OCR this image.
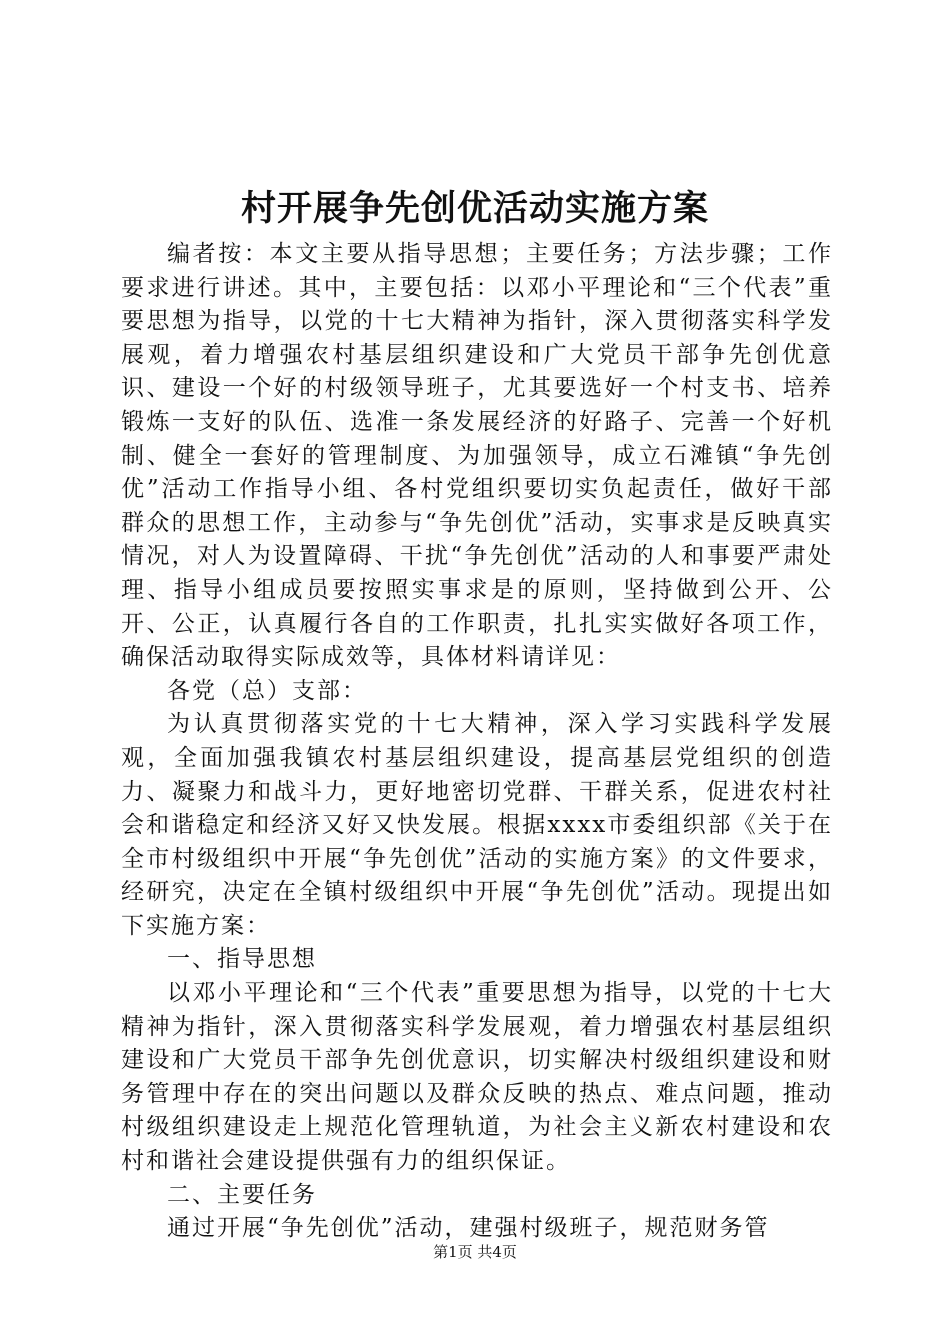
村开展争先创优活动实施方案

编者按：本文主要从指导思想；主要任务；方法步骤；工作要求进行讲述。其中，主要包括：以邓小平理论和“三个代表”重要思想为指导，以党的十七大精神为指针，深入贯彻落实科学发展观，着力增强农村基层组织建设和广大党员干部争先创优意识、建设一个好的村级领导班子，尤其要选好一个村支书、培养锻炼一支好的队伍、选准一条发展经济的好路子、完善一个好机制、健全一套好的管理制度、为加强领导，成立石滩镇“争先创优”活动工作指导小组、各村党组织要切实负起责任，做好干部群众的思想工作，主动参与“争先创优”活动，实事求是反映真实情况，对人为设置障碍、干扰“争先创优”活动的人和事要严肃处理、指导小组成员要按照实事求是的原则，坚持做到公开、公开、公正，认真履行各自的工作职责，扎扎实实做好各项工作，确保活动取得实际成效等，具体材料请详见：

各党（总）支部：

为认真贯彻落实党的十七大精神，深入学习实践科学发展观，全面加强我镇农村基层组织建设，提高基层党组织的创造力、凝聚力和战斗力，更好地密切党群、干群关系，促进农村社会和谐稳定和经济又好又快发展。根据xxxx市委组织部《关于在全市村级组织中开展“争先创优”活动的实施方案》的文件要求，经研究，决定在全镇村级组织中开展“争先创优”活动。现提出如下实施方案：

一、指导思想

以邓小平理论和“三个代表”重要思想为指导，以党的十七大精神为指针，深入贯彻落实科学发展观，着力增强农村基层组织建设和广大党员干部争先创优意识，切实解决村级组织建设和财务管理中存在的突出问题以及群众反映的热点、难点问题，推动村级组织建设走上规范化管理轨道，为社会主义新农村建设和农村和谐社会建设提供强有力的组织保证。

二、主要任务

通过开展“争先创优”活动，建强村级班子，规范财务管

第1页 共4页
